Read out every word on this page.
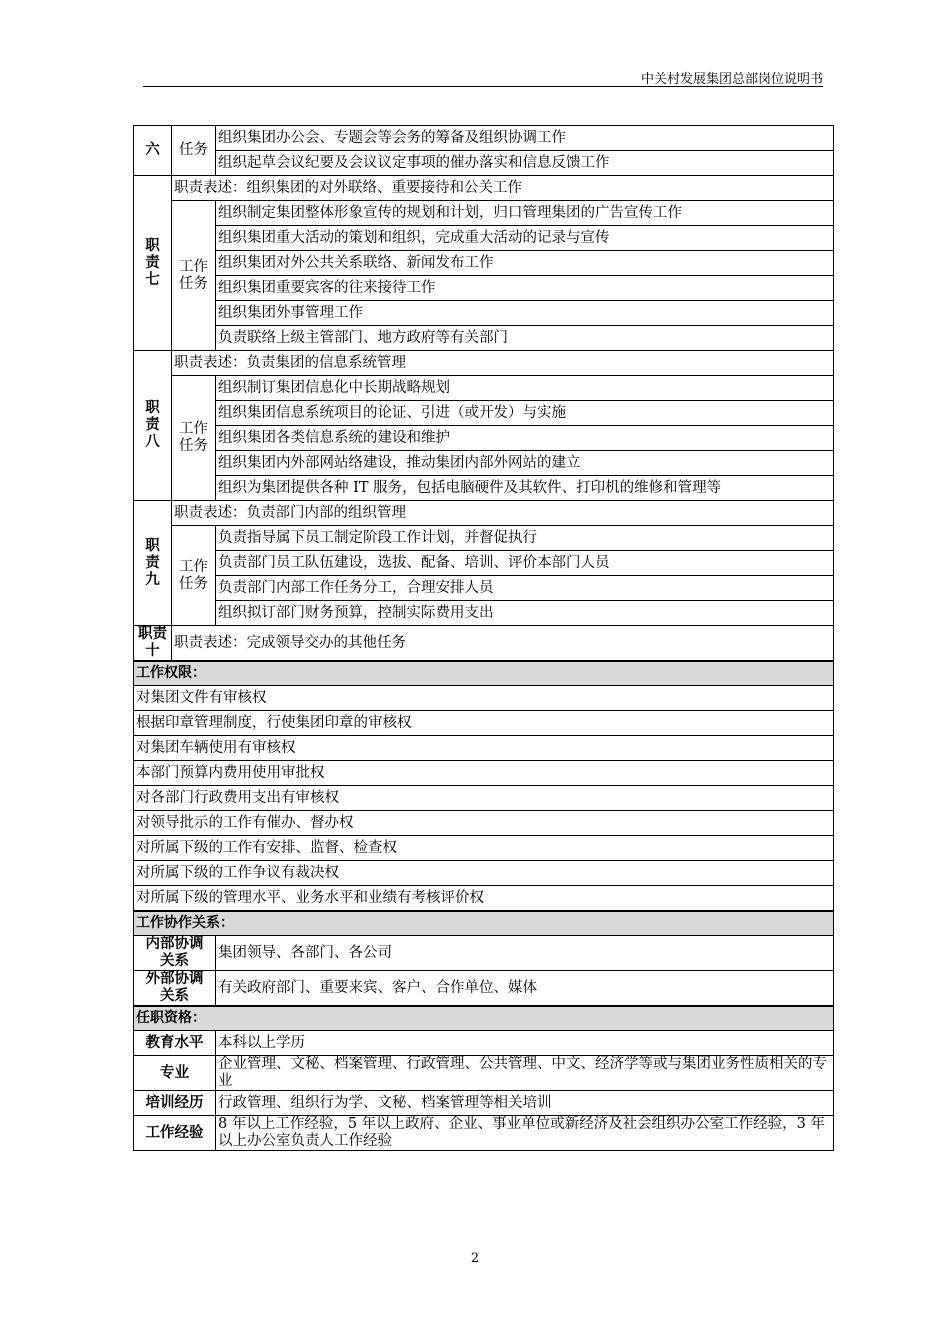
中关村发展集团总部岗位说明书
六	任务	组织集团办公会、专题会等会务的筹备及组织协调工作
		组织起草会议纪要及会议议定事项的催办落实和信息反馈工作

职
责
七	职责表述：组织集团的对外联络、重要接待和公关工作	

	工作
任务	组织制定集团整体形象宣传的规划和计划，归口管理集团的广告宣传工作
		组织集团重大活动的策划和组织，完成重大活动的记录与宣传
		组织集团对外公共关系联络、新闻发布工作
		组织集团重要宾客的往来接待工作
		组织集团外事管理工作
		负责联络上级主管部门、地方政府等有关部门

职
责
八	职责表述：负责集团的信息系统管理	

	工作
任务	组织制订集团信息化中长期战略规划
		组织集团信息系统项目的论证、引进（或开发）与实施
		组织集团各类信息系统的建设和维护
		组织集团内外部网站络建设，推动集团内部外网站的建立
		组织为集团提供各种 IT 服务，包括电脑硬件及其软件、打印机的维修和管理等

职
责
九	职责表述：负责部门内部的组织管理	

	工作
任务	负责指导属下员工制定阶段工作计划，并督促执行
		负责部门员工队伍建设，选拔、配备、培训、评价本部门人员
		负责部门内部工作任务分工，合理安排人员
		组织拟订部门财务预算，控制实际费用支出

职责
十	职责表述：完成领导交办的其他任务	
工作权限：		
对集团文件有审核权		
根据印章管理制度，行使集团印章的审核权		
对集团车辆使用有审核权		
本部门预算内费用使用审批权		
对各部门行政费用支出有审核权		
对领导批示的工作有催办、督办权		
对所属下级的工作有安排、监督、检查权		
对所属下级的工作争议有裁决权		
对所属下级的管理水平、业务水平和业绩有考核评价权		
工作协作关系：		

内部协调
关系		集团领导、各部门、各公司

外部协调
关系		有关政府部门、重要来宾、客户、合作单位、媒体
任职资格：		
教育水平		本科以上学历
专业		企业管理、文秘、档案管理、行政管理、公共管理、中文、经济学等或与集团业务性质相关的专业
培训经历		行政管理、组织行为学、文秘、档案管理等相关培训
工作经验		8 年以上工作经验，5 年以上政府、企业、事业单位或新经济及社会组织办公室工作经验，3 年以上办公室负责人工作经验
2
